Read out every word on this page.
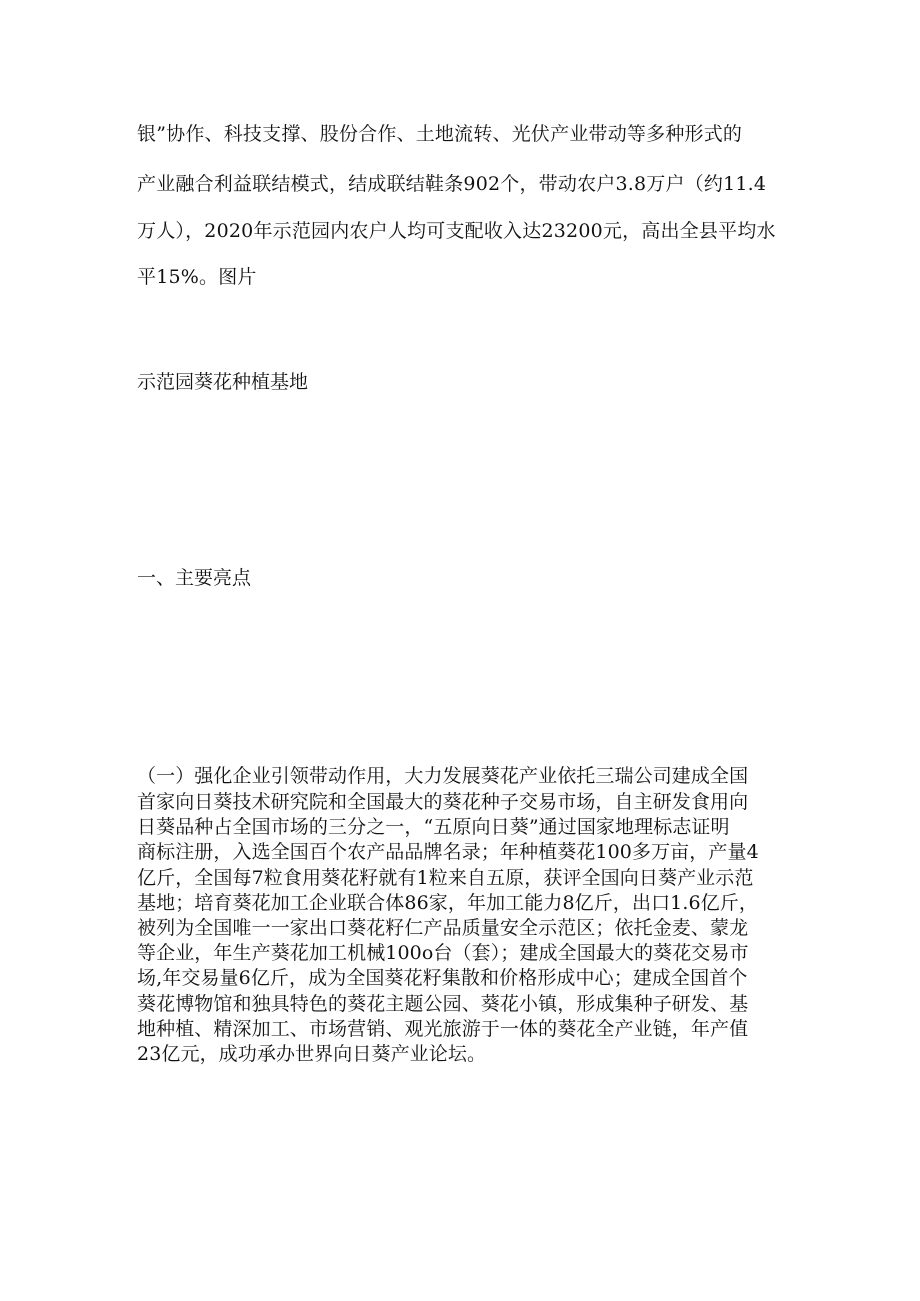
银”协作、科技支撑、股份合作、土地流转、光伏产业带动等多种形式的
产业融合利益联结模式，结成联结鞋条902个，带动农户3.8万户（约11.4
万人），2020年示范园内农户人均可支配收入达23200元，高出全县平均水
平15%。图片
示范园葵花种植基地
一、主要亮点
（一）强化企业引领带动作用，大力发展葵花产业依托三瑞公司建成全国
首家向日葵技术研究院和全国最大的葵花种子交易市场，自主研发食用向
日葵品种占全国市场的三分之一，“五原向日葵”通过国家地理标志证明
商标注册，入选全国百个农产品品牌名录；年种植葵花100多万亩，产量4
亿斤，全国每7粒食用葵花籽就有1粒来自五原，获评全国向日葵产业示范
基地；培育葵花加工企业联合体86家，年加工能力8亿斤，出口1.6亿斤，
被列为全国唯一一家出口葵花籽仁产品质量安全示范区；依托金麦、蒙龙
等企业，年生产葵花加工机械100o台（套）；建成全国最大的葵花交易市
场,年交易量6亿斤，成为全国葵花籽集散和价格形成中心；建成全国首个
葵花博物馆和独具特色的葵花主题公园、葵花小镇，形成集种子研发、基
地种植、精深加工、市场营销、观光旅游于一体的葵花全产业链，年产值
23亿元，成功承办世界向日葵产业论坛。
